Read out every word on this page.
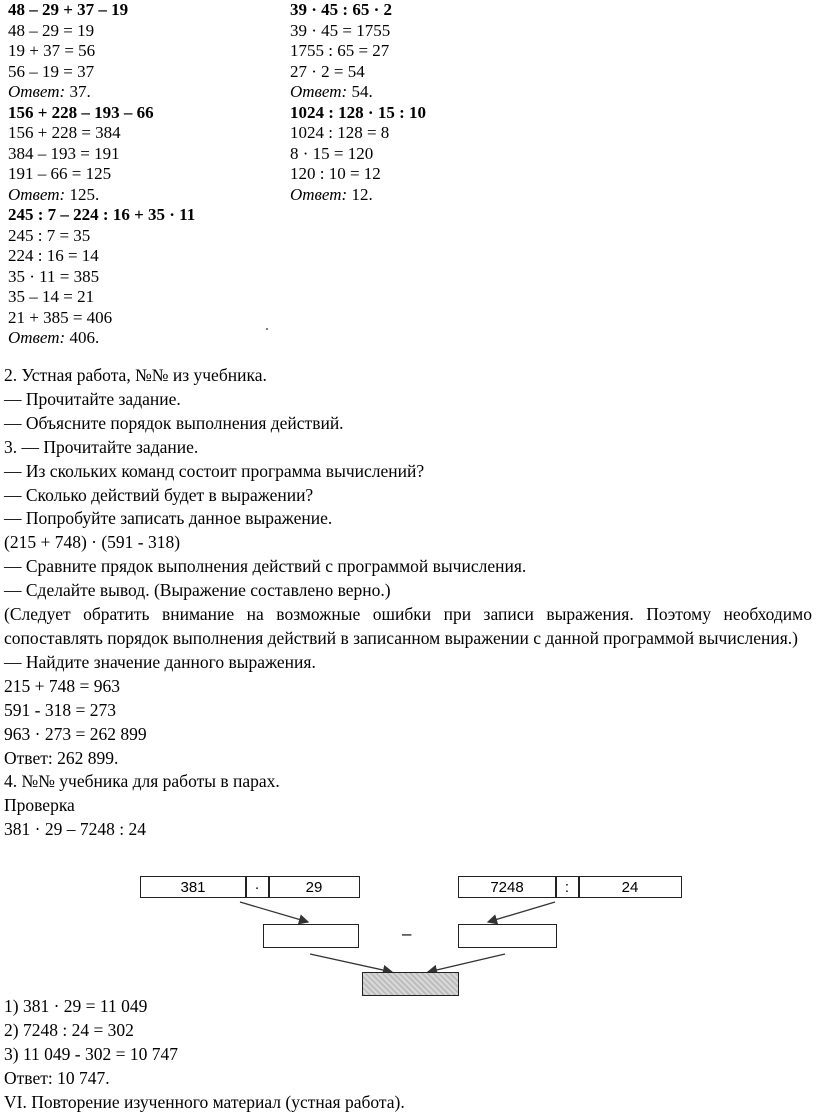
48 – 29 + 37 – 19
48 – 29 = 19
19 + 37 = 56
56 – 19 = 37
Ответ: 37.
156 + 228 – 193 – 66
156 + 228 = 384
384 – 193 = 191
191 – 66 = 125
Ответ: 125.
245 : 7 – 224 : 16 + 35 · 11
245 : 7 = 35
224 : 16 = 14
35 · 11 = 385
35 – 14 = 21
21 + 385 = 406
Ответ: 406.
39 · 45 : 65 · 2
39 · 45 = 1755
1755 : 65 = 27
27 · 2 = 54
Ответ: 54.
1024 : 128 · 15 : 10
1024 : 128 = 8
8 · 15 = 120
120 : 10 = 12
Ответ: 12.
2. Устная работа, №№ из учебника.
— Прочитайте задание.
— Объясните порядок выполнения действий.
3. — Прочитайте задание.
— Из скольких команд состоит программа вычислений?
— Сколько действий будет в выражении?
— Попробуйте записать данное выражение.
(215 + 748) · (591 - 318)
— Сравните прядок выполнения действий с программой вычисления.
— Сделайте вывод. (Выражение составлено верно.)
(Следует обратить внимание на возможные ошибки при записи выражения. Поэтому необходимо сопоставлять порядок выполнения действий в записанном выражении с данной программой вычисления.)
— Найдите значение данного выражения.
215 + 748 = 963
591 - 318 = 273
963 · 273 = 262 899
Ответ: 262 899.
4. №№ учебника для работы в парах.
Проверка
381 · 29 – 7248 : 24
381	·	29	7248	:	24
–
1) 381 · 29 = 11 049
2) 7248 : 24 = 302
3) 11 049 - 302 = 10 747
Ответ: 10 747.
VI. Повторение изученного материал (устная работа).
